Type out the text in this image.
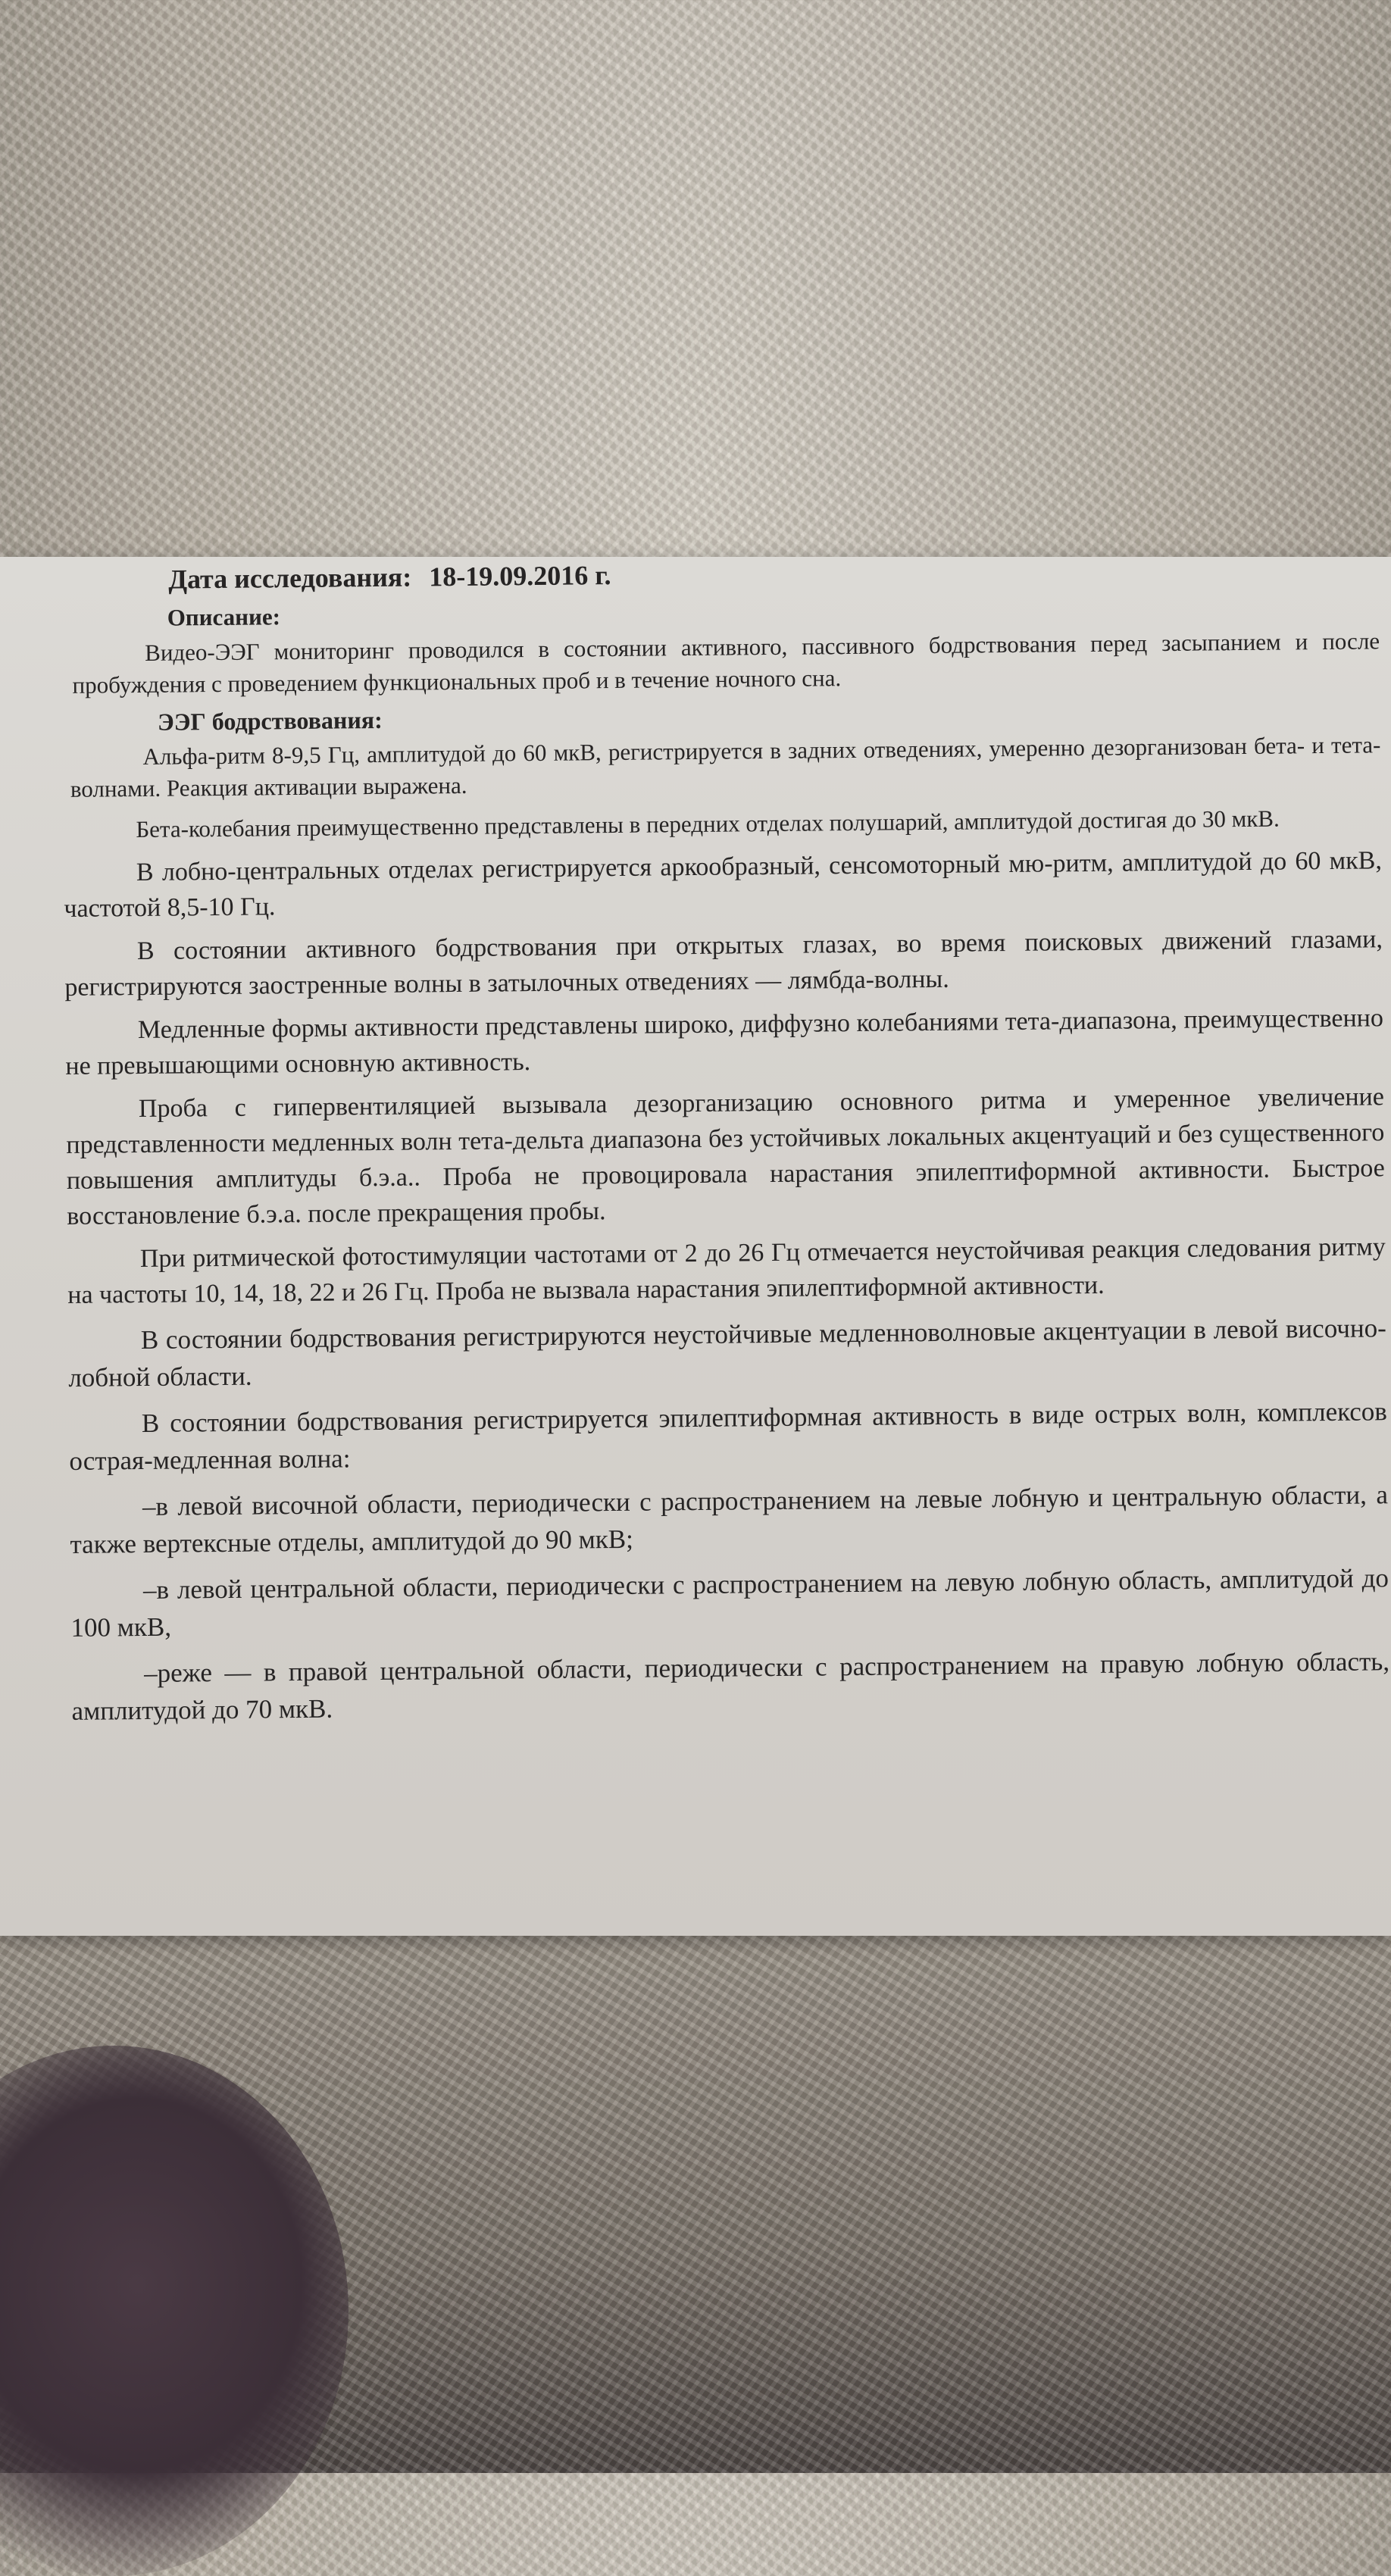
Дата исследования: 18-19.09.2016 г.
Описание:

Видео-ЭЭГ мониторинг проводился в состоянии активного, пассивного бодрствования перед засыпанием и после пробуждения с проведением функциональных проб и в течение ночного сна.

ЭЭГ бодрствования:

Альфа-ритм 8-9,5 Гц, амплитудой до 60 мкВ, регистрируется в задних отведениях, умеренно дезорганизован бета- и тета-волнами. Реакция активации выражена.

Бета-колебания преимущественно представлены в передних отделах полушарий, амплитудой достигая до 30 мкВ.

В лобно-центральных отделах регистрируется аркообразный, сенсомоторный мю-ритм, амплитудой до 60 мкВ, частотой 8,5-10 Гц.

В состоянии активного бодрствования при открытых глазах, во время поисковых движений глазами, регистрируются заостренные волны в затылочных отведениях — лямбда-волны.

Медленные формы активности представлены широко, диффузно колебаниями тета-диапазона, преимущественно не превышающими основную активность.

Проба с гипервентиляцией вызывала дезорганизацию основного ритма и умеренное увеличение представленности медленных волн тета-дельта диапазона без устойчивых локальных акцентуаций и без существенного повышения амплитуды б.э.а.. Проба не провоцировала нарастания эпилептиформной активности. Быстрое восстановление б.э.а. после прекращения пробы.

При ритмической фотостимуляции частотами от 2 до 26 Гц отмечается неустойчивая реакция следования ритму на частоты 10, 14, 18, 22 и 26 Гц. Проба не вызвала нарастания эпилептиформной активности.

В состоянии бодрствования регистрируются неустойчивые медленноволновые акцентуации в левой височно-лобной области.

В состоянии бодрствования регистрируется эпилептиформная активность в виде острых волн, комплексов острая-медленная волна:

–в левой височной области, периодически с распространением на левые лобную и центральную области, а также вертексные отделы, амплитудой до 90 мкВ;

–в левой центральной области, периодически с распространением на левую лобную область, амплитудой до 100 мкВ,

–реже — в правой центральной области, периодически с распространением на правую лобную область, амплитудой до 70 мкВ.
